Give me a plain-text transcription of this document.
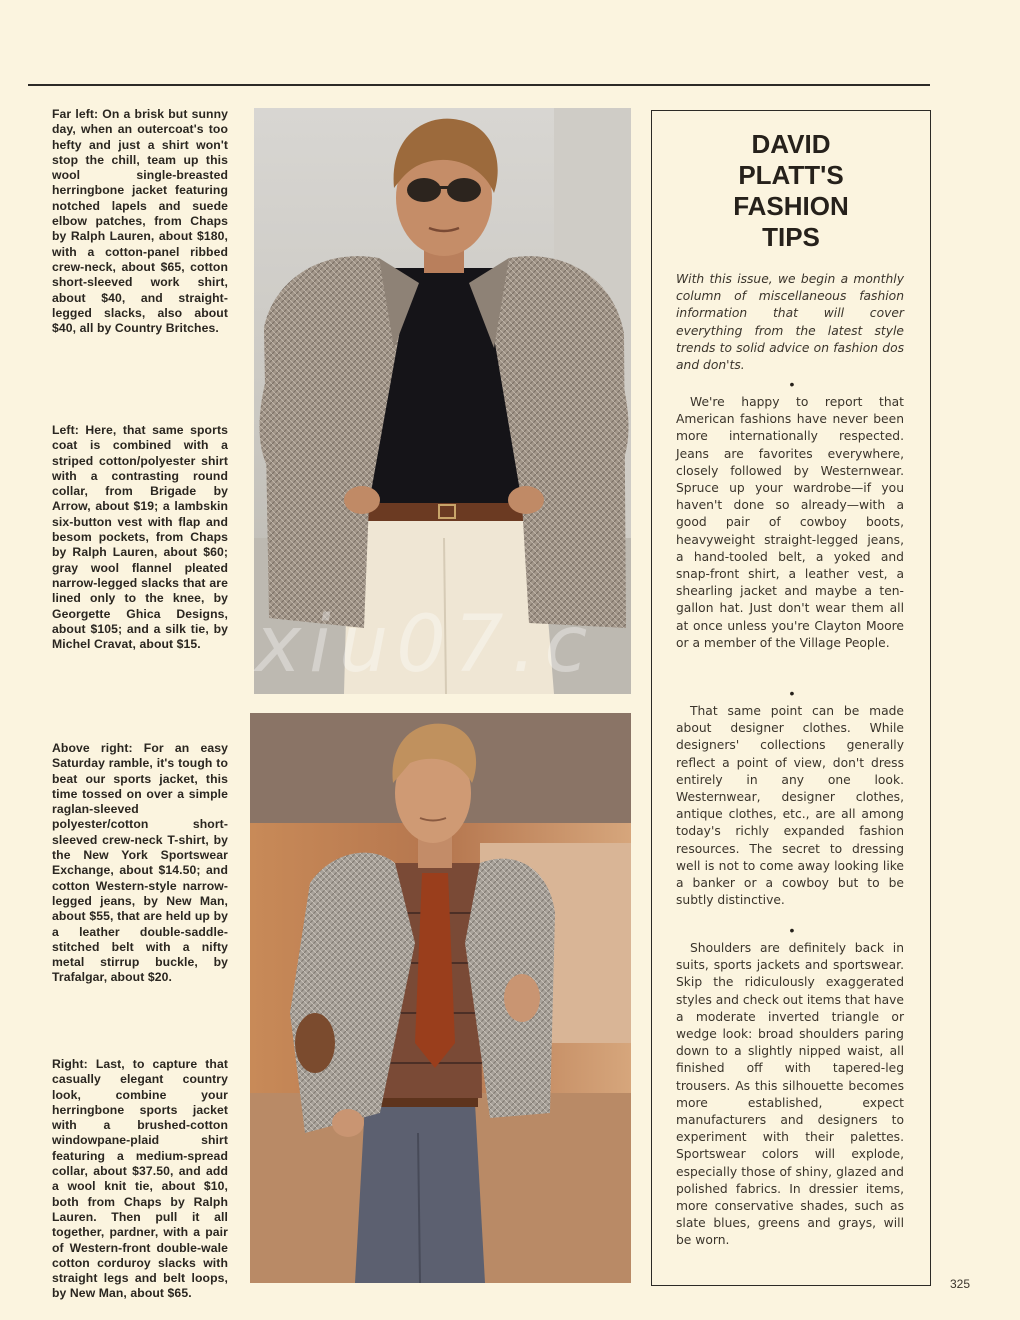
Far left: On a brisk but sunny day, when an outercoat's too hefty and just a shirt won't stop the chill, team up this wool single-breasted herringbone jacket featuring notched lapels and suede elbow patches, from Chaps by Ralph Lauren, about $180, with a cotton-panel ribbed crew-neck, about $65, cotton short-sleeved work shirt, about $40, and straight-legged slacks, also about $40, all by Country Britches.
Left: Here, that same sports coat is combined with a striped cotton/polyester shirt with a contrasting round collar, from Brigade by Arrow, about $19; a lambskin six-button vest with flap and besom pockets, from Chaps by Ralph Lauren, about $60; gray wool flannel pleated narrow-legged slacks that are lined only to the knee, by Georgette Ghica Designs, about $105; and a silk tie, by Michel Cravat, about $15.
Above right: For an easy Saturday ramble, it's tough to beat our sports jacket, this time tossed on over a simple raglan-sleeved polyester/cotton short-sleeved crew-neck T-shirt, by the New York Sportswear Exchange, about $14.50; and cotton Western-style narrow-legged jeans, by New Man, about $55, that are held up by a leather double-saddle-stitched belt with a nifty metal stirrup buckle, by Trafalgar, about $20.
Right: Last, to capture that casually elegant country look, combine your herringbone sports jacket with a brushed-cotton windowpane-plaid shirt featuring a medium-spread collar, about $37.50, and add a wool knit tie, about $10, both from Chaps by Ralph Lauren. Then pull it all together, pardner, with a pair of Western-front double-wale cotton corduroy slacks with straight legs and belt loops, by New Man, about $65.
xiu07.c
DAVID
PLATT'S
FASHION
TIPS
With this issue, we begin a monthly column of miscellaneous fashion information that will cover everything from the latest style trends to solid advice on fashion dos and don'ts.
•

We're happy to report that American fashions have never been more internationally respected. Jeans are favorites everywhere, closely followed by Westernwear. Spruce up your wardrobe—if you haven't done so already—with a good pair of cowboy boots, heavyweight straight-legged jeans, a hand-tooled belt, a yoked and snap-front shirt, a leather vest, a shearling jacket and maybe a ten-gallon hat. Just don't wear them all at once unless you're Clayton Moore or a member of the Village People.

•

That same point can be made about designer clothes. While designers' collections generally reflect a point of view, don't dress entirely in any one look. Westernwear, designer clothes, antique clothes, etc., are all among today's richly expanded fashion resources. The secret to dressing well is not to come away looking like a banker or a cowboy but to be subtly distinctive.

•

Shoulders are definitely back in suits, sports jackets and sportswear. Skip the ridiculously exaggerated styles and check out items that have a moderate inverted triangle or wedge look: broad shoulders paring down to a slightly nipped waist, all finished off with tapered-leg trousers. As this silhouette becomes more established, expect manufacturers and designers to experiment with their palettes. Sportswear colors will explode, especially those of shiny, glazed and polished fabrics. In dressier items, more conservative shades, such as slate blues, greens and grays, will be worn.

325
